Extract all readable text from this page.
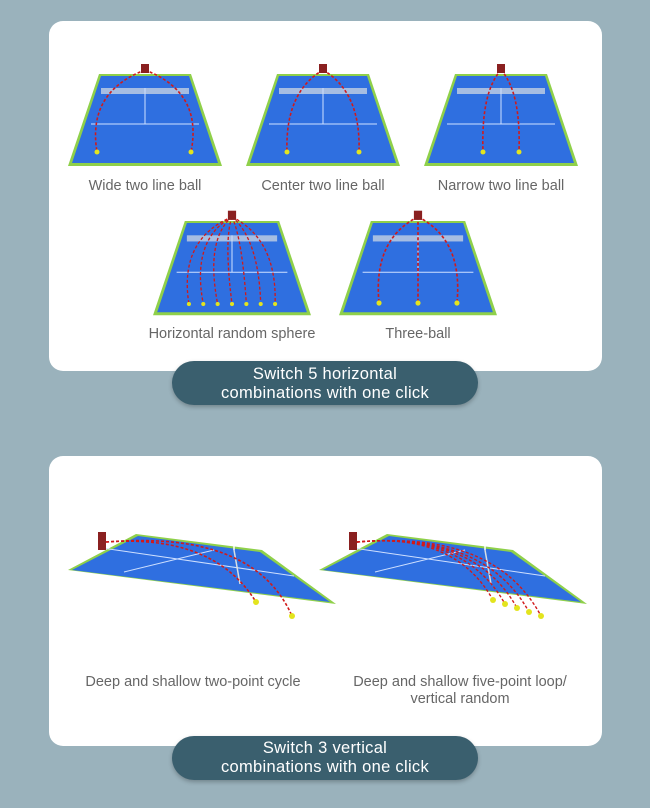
Wide two line ball	Center two line ball	Narrow two line ball
Horizontal random sphere	Three-ball
Switch 5 horizontal
combinations with one click
Deep and shallow two-point cycle	Deep and shallow five-point loop/
vertical random
Switch 3 vertical
combinations with one click
